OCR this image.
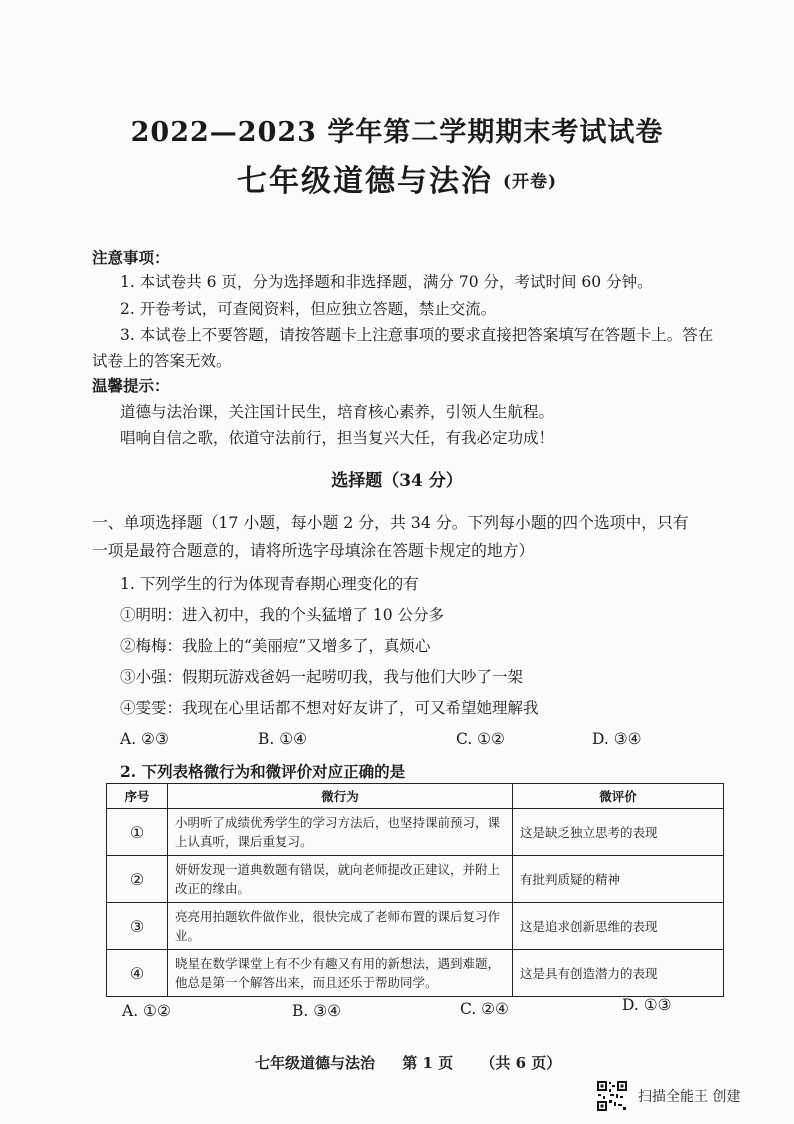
2022—2023 学年第二学期期末考试试卷
七年级道德与法治 $^{(开卷)}$
注意事项：
1. 本试卷共 6 页，分为选择题和非选择题，满分 70 分，考试时间 60 分钟。
2. 开卷考试，可查阅资料，但应独立答题，禁止交流。
3. 本试卷上不要答题，请按答题卡上注意事项的要求直接把答案填写在答题卡上。答在
试卷上的答案无效。
温馨提示：
道德与法治课，关注国计民生，培育核心素养，引领人生航程。
唱响自信之歌，依道守法前行，担当复兴大任，有我必定功成！
选择题（34 分）
一、单项选择题（17 小题，每小题 2 分，共 34 分。下列每小题的四个选项中，只有
一项是最符合题意的，请将所选字母填涂在答题卡规定的地方）
1. 下列学生的行为体现青春期心理变化的有
①明明：进入初中，我的个头猛增了 10 公分多
②梅梅：我脸上的“美丽痘”又增多了，真烦心
③小强：假期玩游戏爸妈一起唠叨我，我与他们大吵了一架
④雯雯：我现在心里话都不想对好友讲了，可又希望她理解我
A. ②③	B. ①④	C. ①②	D. ③④
2. 下列表格微行为和微评价对应正确的是
序号	微行为	微评价
①	小明听了成绩优秀学生的学习方法后，也坚持课前预习，课上认真听，课后重复习。	这是缺乏独立思考的表现
②	妍妍发现一道典数题有错误，就向老师提改正建议，并附上改正的缘由。	有批判质疑的精神
③	亮亮用拍题软件做作业，很快完成了老师布置的课后复习作业。	这是追求创新思维的表现
④	晓星在数学课堂上有不少有趣又有用的新想法，遇到难题，他总是第一个解答出来，而且还乐于帮助同学。	这是具有创造潜力的表现
A. ①②	B. ③④	C. ②④	D. ①③
七年级道德与法治 第 1 页 （共 6 页）
扫描全能王 创建
